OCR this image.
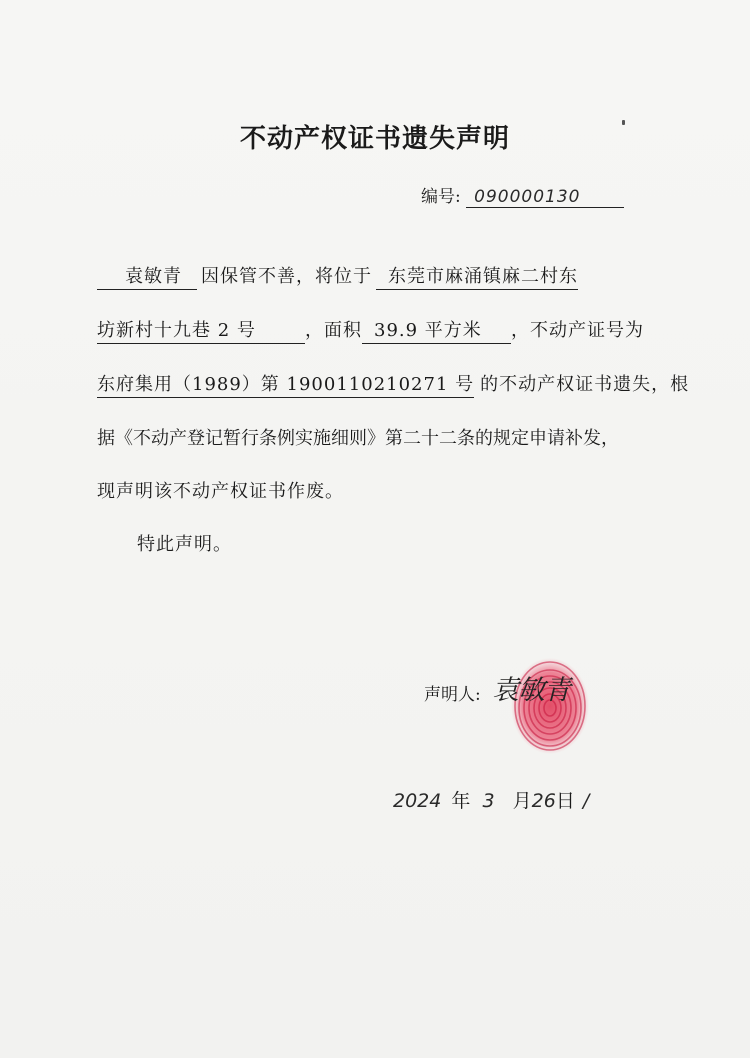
不动产权证书遗失声明
编号: 090000130
袁敏青 因保管不善，将位于 东莞市麻涌镇麻二村东
坊新村十九巷 2 号	，面积 39.9 平方米 ，不动产证号为
东府集用（1989）第 1900110210271 号 的不动产权证书遗失，根
据《不动产登记暂行条例实施细则》第二十二条的规定申请补发，
现声明该不动产权证书作废。
特此声明。
声明人: 袁敏青
2024 年 3 月26日 /
